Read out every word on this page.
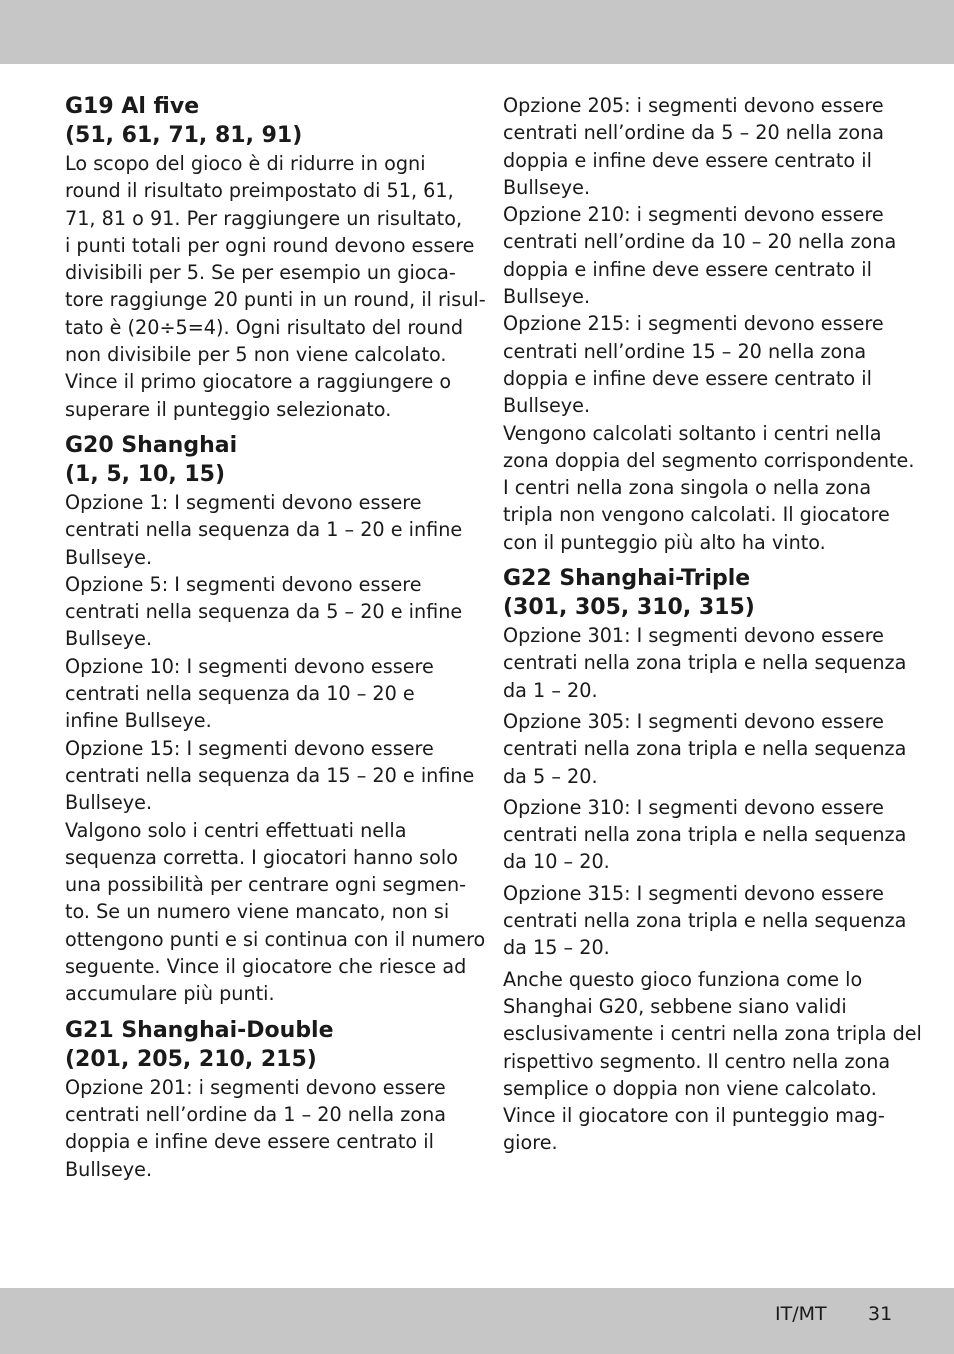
G19 Al five
(51, 61, 71, 81, 91)
Lo scopo del gioco è di ridurre in ogni
round il risultato preimpostato di 51, 61,
71, 81 o 91. Per raggiungere un risultato,
i punti totali per ogni round devono essere
divisibili per 5. Se per esempio un gioca-
tore raggiunge 20 punti in un round, il risul-
tato è (20÷5=4). Ogni risultato del round
non divisibile per 5 non viene calcolato.
Vince il primo giocatore a raggiungere o
superare il punteggio selezionato.
G20 Shanghai
(1, 5, 10, 15)
Opzione 1: I segmenti devono essere
centrati nella sequenza da 1 – 20 e infine
Bullseye.
Opzione 5: I segmenti devono essere
centrati nella sequenza da 5 – 20 e infine
Bullseye.
Opzione 10: I segmenti devono essere
centrati nella sequenza da 10 – 20 e
infine Bullseye.
Opzione 15: I segmenti devono essere
centrati nella sequenza da 15 – 20 e infine
Bullseye.
Valgono solo i centri effettuati nella
sequenza corretta. I giocatori hanno solo
una possibilità per centrare ogni segmen-
to. Se un numero viene mancato, non si
ottengono punti e si continua con il numero
seguente. Vince il giocatore che riesce ad
accumulare più punti.
G21 Shanghai-Double
(201, 205, 210, 215)
Opzione 201: i segmenti devono essere
centrati nell’ordine da 1 – 20 nella zona
doppia e infine deve essere centrato il
Bullseye.
Opzione 205: i segmenti devono essere
centrati nell’ordine da 5 – 20 nella zona
doppia e infine deve essere centrato il
Bullseye.
Opzione 210: i segmenti devono essere
centrati nell’ordine da 10 – 20 nella zona
doppia e infine deve essere centrato il
Bullseye.
Opzione 215: i segmenti devono essere
centrati nell’ordine 15 – 20 nella zona
doppia e infine deve essere centrato il
Bullseye.
Vengono calcolati soltanto i centri nella
zona doppia del segmento corrispondente.
I centri nella zona singola o nella zona
tripla non vengono calcolati. Il giocatore
con il punteggio più alto ha vinto.
G22 Shanghai-Triple
(301, 305, 310, 315)
Opzione 301: I segmenti devono essere
centrati nella zona tripla e nella sequenza
da 1 – 20.
Opzione 305: I segmenti devono essere
centrati nella zona tripla e nella sequenza
da 5 – 20.
Opzione 310: I segmenti devono essere
centrati nella zona tripla e nella sequenza
da 10 – 20.
Opzione 315: I segmenti devono essere
centrati nella zona tripla e nella sequenza
da 15 – 20.
Anche questo gioco funziona come lo
Shanghai G20, sebbene siano validi
esclusivamente i centri nella zona tripla del
rispettivo segmento. Il centro nella zona
semplice o doppia non viene calcolato.
Vince il giocatore con il punteggio mag-
giore.
IT/MT 31
